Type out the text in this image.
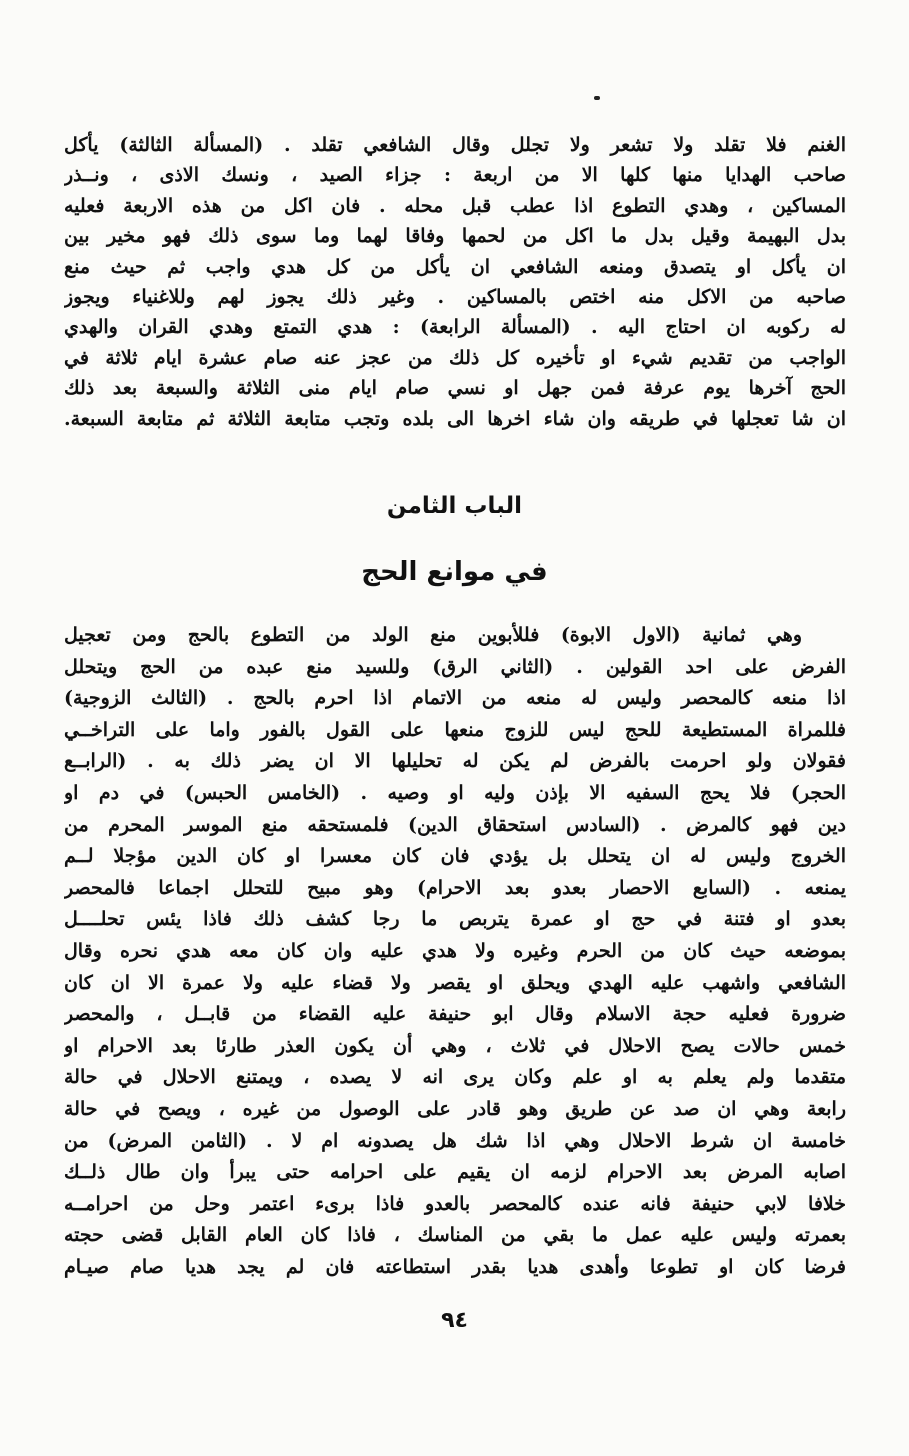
الغنم فلا تقلد ولا تشعر ولا تجلل وقال الشافعي تقلد . (المسألة الثالثة) يأكل
صاحب الهدايا منها كلها الا من اربعة : جزاء الصيد ، ونسك الاذى ، ونــذر
المساكين ، وهدي التطوع اذا عطب قبل محله . فان اكل من هذه الاربعة فعليه
بدل البهيمة وقيل بدل ما اكل من لحمها وفاقا لهما وما سوى ذلك فهو مخير بين
ان يأكل او يتصدق ومنعه الشافعي ان يأكل من كل هدي واجب ثم حيث منع
صاحبه من الاكل منه اختص بالمساكين . وغير ذلك يجوز لهم وللاغنياء ويجوز
له ركوبه ان احتاج اليه . (المسألة الرابعة) : هدي التمتع وهدي القران والهدي
الواجب من تقديم شيء او تأخيره كل ذلك من عجز عنه صام عشرة ايام ثلاثة في
الحج آخرها يوم عرفة فمن جهل او نسي صام ايام منى الثلاثة والسبعة بعد ذلك
ان شا تعجلها في طريقه وان شاء اخرها الى بلده وتجب متابعة الثلاثة ثم متابعة السبعة.
الباب الثامن
في موانع الحج
وهي ثمانية (الاول الابوة) فللأبوين منع الولد من التطوع بالحج ومن تعجيل
الفرض على احد القولين . (الثاني الرق) وللسيد منع عبده من الحج ويتحلل
اذا منعه كالمحصر وليس له منعه من الاتمام اذا احرم بالحج . (الثالث الزوجية)
فللمراة المستطيعة للحج ليس للزوج منعها على القول بالفور واما على التراخــي
فقولان ولو احرمت بالفرض لم يكن له تحليلها الا ان يضر ذلك به . (الرابــع
الحجر) فلا يحج السفيه الا بإذن وليه او وصيه . (الخامس الحبس) في دم او
دين فهو كالمرض . (السادس استحقاق الدين) فلمستحقه منع الموسر المحرم من
الخروج وليس له ان يتحلل بل يؤدي فان كان معسرا او كان الدين مؤجلا لــم
يمنعه . (السابع الاحصار بعدو بعد الاحرام) وهو مبيح للتحلل اجماعا فالمحصر
بعدو او فتنة في حج او عمرة يتربص ما رجا كشف ذلك فاذا يئس تحلــــل
بموضعه حيث كان من الحرم وغيره ولا هدي عليه وان كان معه هدي نحره وقال
الشافعي واشهب عليه الهدي ويحلق او يقصر ولا قضاء عليه ولا عمرة الا ان كان
ضرورة فعليه حجة الاسلام وقال ابو حنيفة عليه القضاء من قابــل ، والمحصر
خمس حالات يصح الاحلال في ثلاث ، وهي أن يكون العذر طارئا بعد الاحرام او
متقدما ولم يعلم به او علم وكان يرى انه لا يصده ، ويمتنع الاحلال في حالة
رابعة وهي ان صد عن طريق وهو قادر على الوصول من غيره ، ويصح في حالة
خامسة ان شرط الاحلال وهي اذا شك هل يصدونه ام لا . (الثامن المرض) من
اصابه المرض بعد الاحرام لزمه ان يقيم على احرامه حتى يبرأ وان طال ذلــك
خلافا لابي حنيفة فانه عنده كالمحصر بالعدو فاذا برىء اعتمر وحل من احرامــه
بعمرته وليس عليه عمل ما بقي من المناسك ، فاذا كان العام القابل قضى حجته
فرضا كان او تطوعا وأهدى هديا بقدر استطاعته فان لم يجد هديا صام صيـام
٩٤
